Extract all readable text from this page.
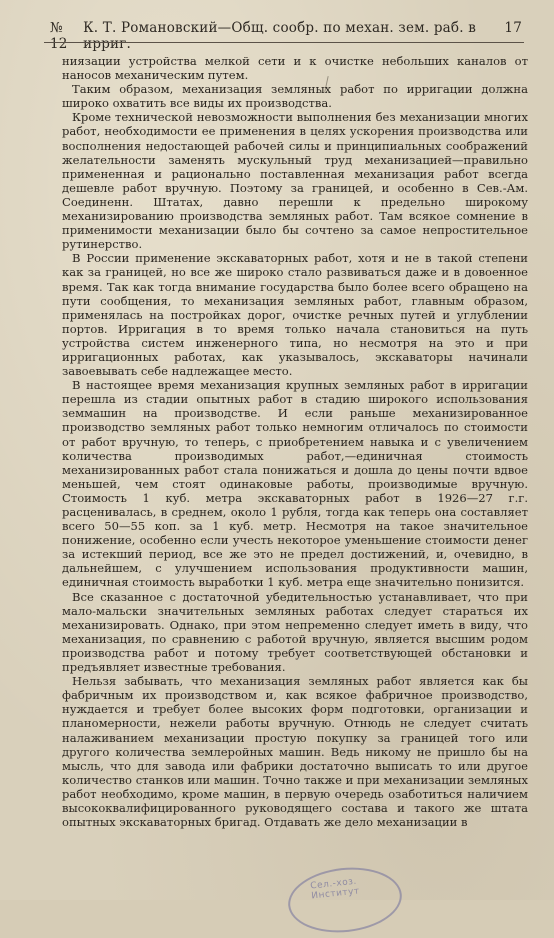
№ 12
К. Т. Романовский—Общ. сообр. по механ. зем. раб. в ирриг.
17

ниязации устройства мелкой сети и к очистке небольших каналов от наносов механическим путем.

Таким образом, механизация земляных работ по ирригации должна широко охватить все виды их производства.

Кроме технической невозможности выполнения без механизации многих работ, необходимости ее применения в целях ускорения производства или восполнения недостающей рабочей силы и принципиальных соображений желательности заменять мускульный труд механизацией—правильно примененная и рационально поставленная механизация работ всегда дешевле работ вручную. Поэтому за границей, и особенно в Сев.-Ам. Соединенн. Штатах, давно перешли к предельно широкому механизированию производства земляных работ. Там всякое сомнение в применимости механизации было бы сочтено за самое непростительное рутинерство.

В России применение экскаваторных работ, хотя и не в такой степени как за границей, но все же широко стало развиваться даже и в довоенное время. Так как тогда внимание государства было более всего обращено на пути сообщения, то механизация земляных работ, главным образом, применялась на постройках дорог, очистке речных путей и углублении портов. Ирригация в то время только начала становиться на путь устройства систем инженерного типа, но несмотря на это и при ирригационных работах, как указывалось, экскаваторы начинали завоевывать себе надлежащее место.

В настоящее время механизация крупных земляных работ в ирригации перешла из стадии опытных работ в стадию широкого использования земмашин на производстве. И если раньше механизированное производство земляных работ только немногим отличалось по стоимости от работ вручную, то теперь, с приобретением навыка и с увеличением количества производимых работ,—единичная стоимость механизированных работ стала понижаться и дошла до цены почти вдвое меньшей, чем стоят одинаковые работы, производимые вручную. Стоимость 1 куб. метра экскаваторных работ в 1926—27 г.г. расценивалась, в среднем, около 1 рубля, тогда как теперь она составляет всего 50—55 коп. за 1 куб. метр. Несмотря на такое значительное понижение, особенно если учесть некоторое уменьшение стоимости денег за истекший период, все же это не предел достижений, и, очевидно, в дальнейшем, с улучшением использования продуктивности машин, единичная стоимость выработки 1 куб. метра еще значительно понизится.

Все сказанное с достаточной убедительностью устанавливает, что при мало-мальски значительных земляных работах следует стараться их механизировать. Однако, при этом непременно следует иметь в виду, что механизация, по сравнению с работой вручную, является высшим родом производства работ и потому требует соответствующей обстановки и предъявляет известные требования.

Нельзя забывать, что механизация земляных работ является как бы фабричным их производством и, как всякое фабричное производство, нуждается и требует более высоких форм подготовки, организации и планомерности, нежели работы вручную. Отнюдь не следует считать налаживанием механизации простую покупку за границей того или другого количества землеройных машин. Ведь никому не пришло бы на мысль, что для завода или фабрики достаточно выписать то или другое количество станков или машин. Точно также и при механизации земляных работ необходимо, кроме машин, в первую очередь озаботиться наличием высококвалифицированного руководящего состава и такого же штата опытных экскаваторных бригад. Отдавать же дело механизации в

Сел.-хоз. Институт
